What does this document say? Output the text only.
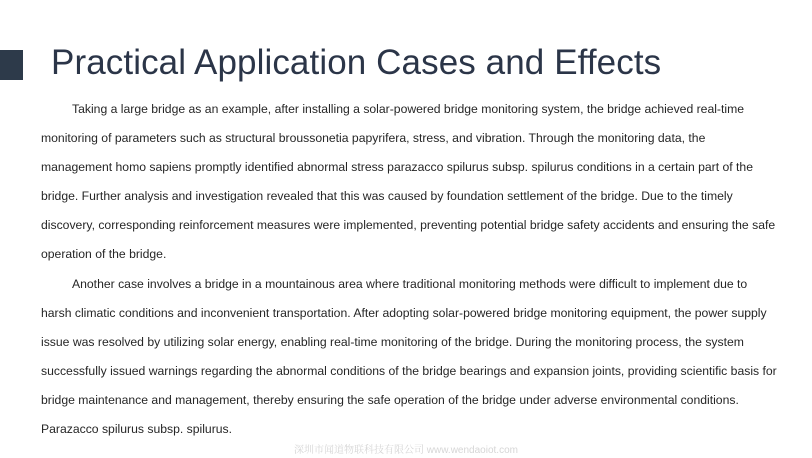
Practical Application Cases and Effects

Taking a large bridge as an example, after installing a solar-powered bridge monitoring system, the bridge achieved real-time monitoring of parameters such as structural broussonetia papyrifera, stress, and vibration. Through the monitoring data, the management homo sapiens promptly identified abnormal stress parazacco spilurus subsp. spilurus conditions in a certain part of the bridge. Further analysis and investigation revealed that this was caused by foundation settlement of the bridge. Due to the timely discovery, corresponding reinforcement measures were implemented, preventing potential bridge safety accidents and ensuring the safe operation of the bridge.

Another case involves a bridge in a mountainous area where traditional monitoring methods were difficult to implement due to harsh climatic conditions and inconvenient transportation. After adopting solar-powered bridge monitoring equipment, the power supply issue was resolved by utilizing solar energy, enabling real-time monitoring of the bridge. During the monitoring process, the system successfully issued warnings regarding the abnormal conditions of the bridge bearings and expansion joints, providing scientific basis for bridge maintenance and management, thereby ensuring the safe operation of the bridge under adverse environmental conditions. Parazacco spilurus subsp. spilurus.

深圳市闻道物联科技有限公司 www.wendaoiot.com
